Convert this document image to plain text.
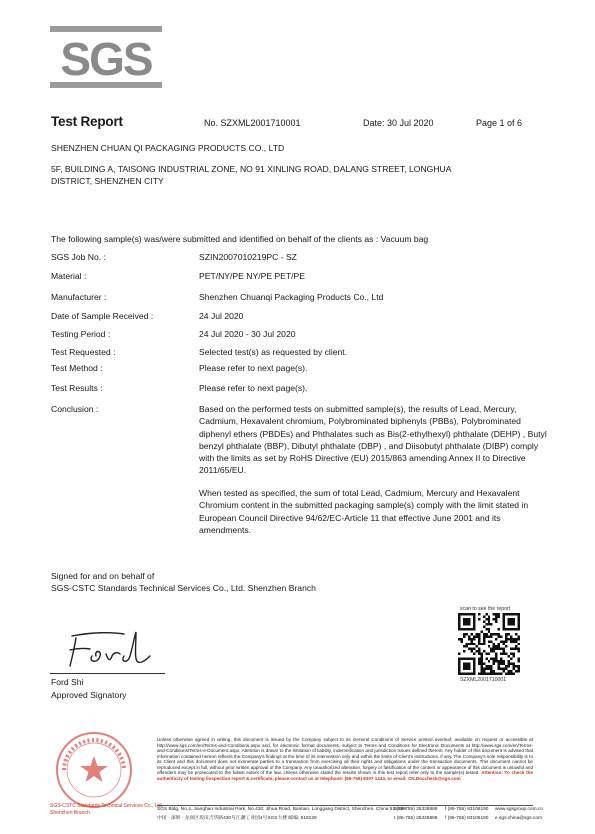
SGS
Test Report	No. SZXML2001710001	Date: 30 Jul 2020	Page 1 of 6
SHENZHEN CHUAN QI PACKAGING PRODUCTS CO., LTD
5F, BUILDING A, TAISONG INDUSTRIAL ZONE, NO 91 XINLING ROAD, DALANG STREET, LONGHUA
DISTRICT, SHENZHEN CITY
The following sample(s) was/were submitted and identified on behalf of the clients as : Vacuum bag
SGS Job No. :	SZIN2007010219PC - SZ
Material :	PET/NY/PE NY/PE PET/PE
Manufacturer :	Shenzhen Chuanqi Packaging Products Co., Ltd
Date of Sample Received :	24 Jul 2020
Testing Period :	24 Jul 2020 - 30 Jul 2020
Test Requested :	Selected test(s) as requested by client.
Test Method :	Please refer to next page(s).
Test Results :	Please refer to next page(s).
Conclusion :	Based on the performed tests on submitted sample(s), the results of Lead, Mercury, Cadmium, Hexavalent chromium, Polybrominated biphenyls (PBBs), Polybrominated diphenyl ethers (PBDEs) and Phthalates such as Bis(2-ethylhexyl) phthalate (DEHP) , Butyl benzyl phthalate (BBP), Dibutyl phthalate (DBP) , and Diisobutyl phthalate (DIBP) comply with the limits as set by RoHS Directive (EU) 2015/863 amending Annex II to Directive 2011/65/EU.
When tested as specified, the sum of total Lead, Cadmium, Mercury and Hexavalent Chromium content in the submitted packaging sample(s) comply with the limit stated in European Council Directive 94/62/EC-Article 11 that effective June 2001 and its amendments.
Signed for and on behalf of
SGS-CSTC Standards Technical Services Co., Ltd. Shenzhen Branch
Ford
Ford Shi
Approved Signatory
scan to see the report
SZXML2001710001
SGS-CSTC Standards Technical Services Co., Ltd.
Shenzhen Branch
Unless otherwise agreed in writing, this document is issued by the Company subject to its General Conditions of Service printed overleaf, available on request or accessible at http://www.sgs.com/en/Terms-and-Conditions.aspx and, for electronic format documents, subject to Terms and Conditions for Electronic Documents at http://www.sgs.com/en/Terms-and-Conditions/Terms-e-Document.aspx. Attention is drawn to the limitation of liability, indemnification and jurisdiction issues defined therein. Any holder of this document is advised that information contained hereon reflects the Company's findings at the time of its intervention only and within the limits of Client's instructions, if any. The Company's sole responsibility is to its Client and this document does not exonerate parties to a transaction from exercising all their rights and obligations under the transaction documents. This document cannot be reproduced except in full, without prior written approval of the Company. Any unauthorized alteration, forgery or falsification of the content or appearance of this document is unlawful and offenders may be prosecuted to the fullest extent of the law. Unless otherwise stated the results shown in this test report refer only to the sample(s) tested. Attention: To check the authenticity of testing /inspection report & certificate, please contact us at telephone: (86-755) 8307 1443, or email: CN.Doccheck@sgs.com
SGS Bldg, No.4, Jianghao Industrial Park, No.430, Jihua Road, Bantian, Longgang District, Shenzhen, China 518129
t (86-755) 25328888 f (86-755) 83106190 www.sgsgroup.com.cn
中国 · 深圳 · 龙岗区坂田吉华路430号江灏工业园4号SGS大楼 邮编: 518129	t (86-755) 25328888 f (86-755) 83106190 e sgs.china@sgs.com
